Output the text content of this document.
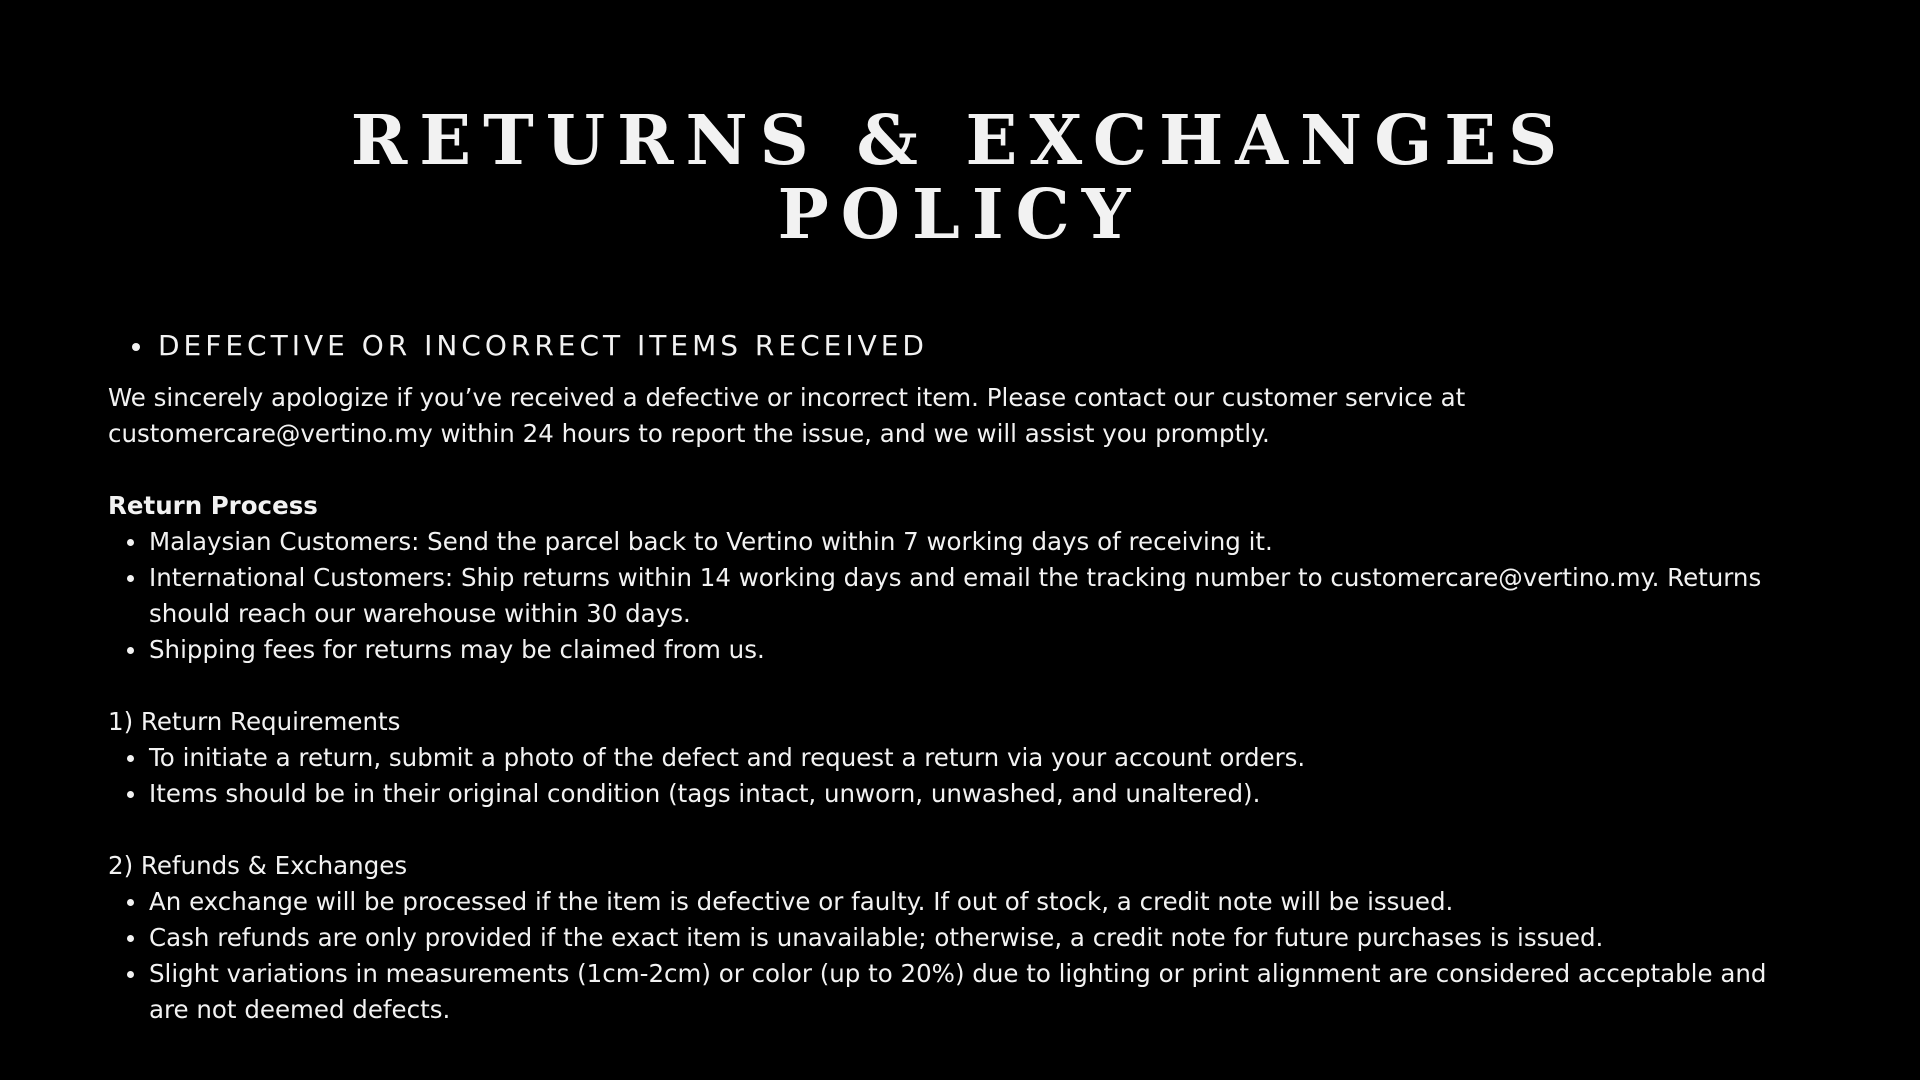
RETURNS & EXCHANGES
POLICY
DEFECTIVE OR INCORRECT ITEMS RECEIVED

We sincerely apologize if you’ve received a defective or incorrect item. Please contact our customer service at customercare@vertino.my within 24 hours to report the issue, and we will assist you promptly.

Return Process

Malaysian Customers: Send the parcel back to Vertino within 7 working days of receiving it.
International Customers: Ship returns within 14 working days and email the tracking number to customercare@vertino.my. Returns should reach our warehouse within 30 days.
Shipping fees for returns may be claimed from us.

1) Return Requirements

To initiate a return, submit a photo of the defect and request a return via your account orders.
Items should be in their original condition (tags intact, unworn, unwashed, and unaltered).

2) Refunds & Exchanges

An exchange will be processed if the item is defective or faulty. If out of stock, a credit note will be issued.
Cash refunds are only provided if the exact item is unavailable; otherwise, a credit note for future purchases is issued.
Slight variations in measurements (1cm-2cm) or color (up to 20%) due to lighting or print alignment are considered acceptable and are not deemed defects.
